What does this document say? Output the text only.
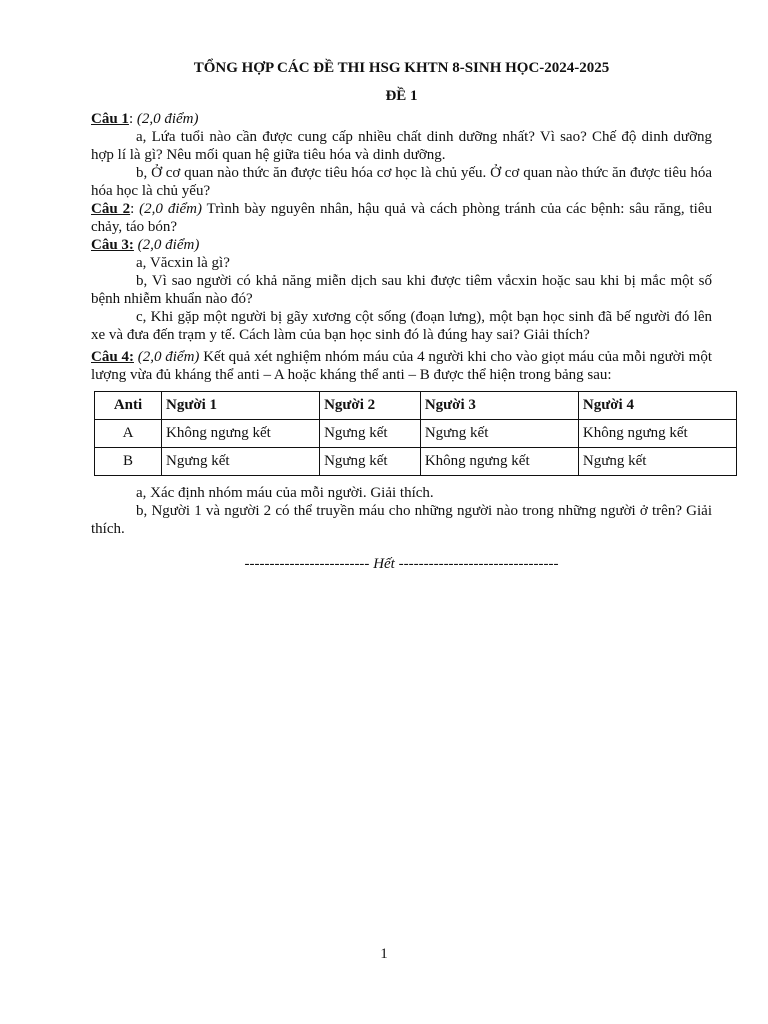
TỔNG HỢP CÁC ĐỀ THI HSG KHTN 8-SINH HỌC-2024-2025
ĐỀ 1

Câu 1: (2,0 điểm)

a, Lứa tuổi nào cần được cung cấp nhiều chất dinh dưỡng nhất? Vì sao? Chế độ dinh dưỡng hợp lí là gì? Nêu mối quan hệ giữa tiêu hóa và dinh dưỡng.

b, Ở cơ quan nào thức ăn được tiêu hóa cơ học là chủ yếu. Ở cơ quan nào thức ăn được tiêu hóa hóa học là chủ yếu?

Câu 2: (2,0 điểm) Trình bày nguyên nhân, hậu quả và cách phòng tránh của các bệnh: sâu răng, tiêu chảy, táo bón?

Câu 3: (2,0 điểm)

a, Văcxin là gì?

b, Vì sao người có khả năng miễn dịch sau khi được tiêm vắcxin hoặc sau khi bị mắc một số bệnh nhiễm khuẩn nào đó?

c, Khi gặp một người bị gãy xương cột sống (đoạn lưng), một bạn học sinh đã bế người đó lên xe và đưa đến trạm y tế. Cách làm của bạn học sinh đó là đúng hay sai? Giải thích?

Câu 4: (2,0 điểm) Kết quả xét nghiệm nhóm máu của 4 người khi cho vào giọt máu của mỗi người một lượng vừa đủ kháng thể anti – A hoặc kháng thể anti – B được thể hiện trong bảng sau:

Anti	Người 1	Người 2	Người 3	Người 4
A	Không ngưng kết	Ngưng kết	Ngưng kết	Không ngưng kết
B	Ngưng kết	Ngưng kết	Không ngưng kết	Ngưng kết

a, Xác định nhóm máu của mỗi người. Giải thích.

b, Người 1 và người 2 có thể truyền máu cho những người nào trong những người ở trên? Giải thích.

------------------------- Hết --------------------------------

1
